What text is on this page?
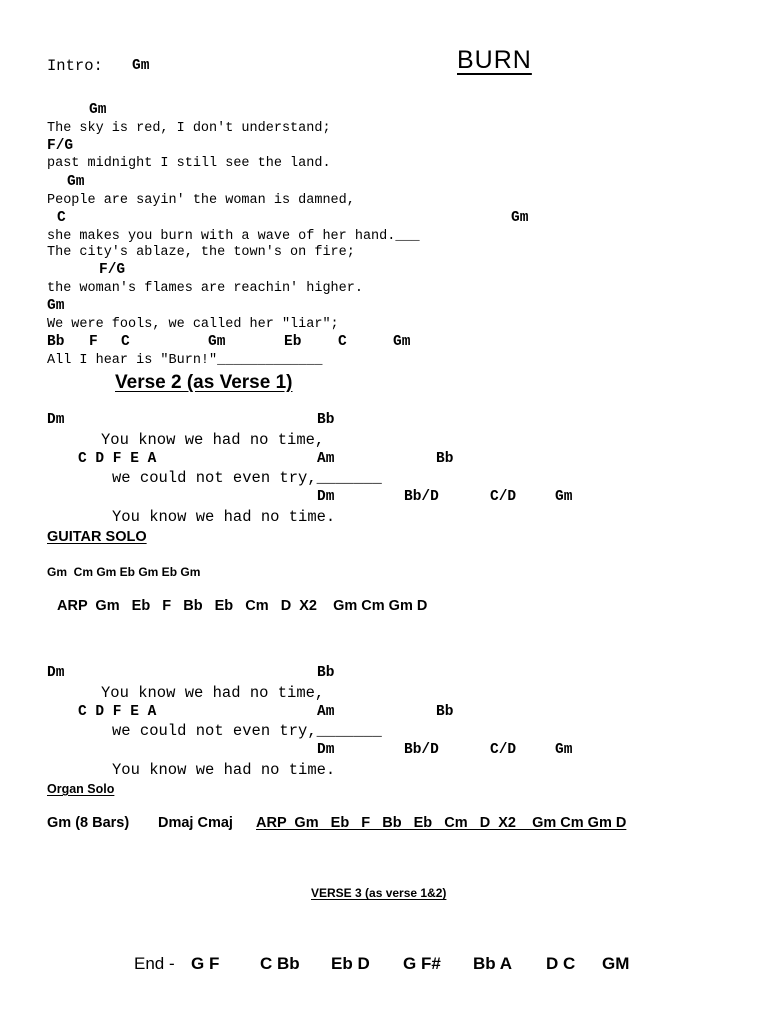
BURN
Intro: Gm
Gm
The sky is red, I don't understand;
F/G
past midnight I still see the land.
Gm
People are sayin' the woman is damned,
C	Gm
she makes you burn with a wave of her hand.___
The city's ablaze, the town's on fire;
F/G
the woman's flames are reachin' higher.
Gm
We were fools, we called her "liar";
Bb F C	Gm	Eb	C	Gm
All I hear is "Burn!"_____________
Verse 2 (as Verse 1)
Dm	Bb
You know we had no time,
C D F E A	Am	Bb
we could not even try,_______
Dm	Bb/D	C/D	Gm
You know we had no time.
GUITAR SOLO
Gm  Cm Gm Eb Gm Eb Gm
ARP  Gm   Eb   F   Bb   Eb   Cm   D  X2    Gm Cm Gm D
Dm	Bb
You know we had no time,
C D F E A	Am	Bb
we could not even try,_______
Dm	Bb/D	C/D	Gm
You know we had no time.
Organ Solo
Gm (8 Bars) Dmaj Cmaj ARP  Gm   Eb   F   Bb   Eb   Cm   D  X2    Gm Cm Gm D
VERSE 3 (as verse 1&2)
End - G F C Bb Eb D G F# Bb A D C GM
